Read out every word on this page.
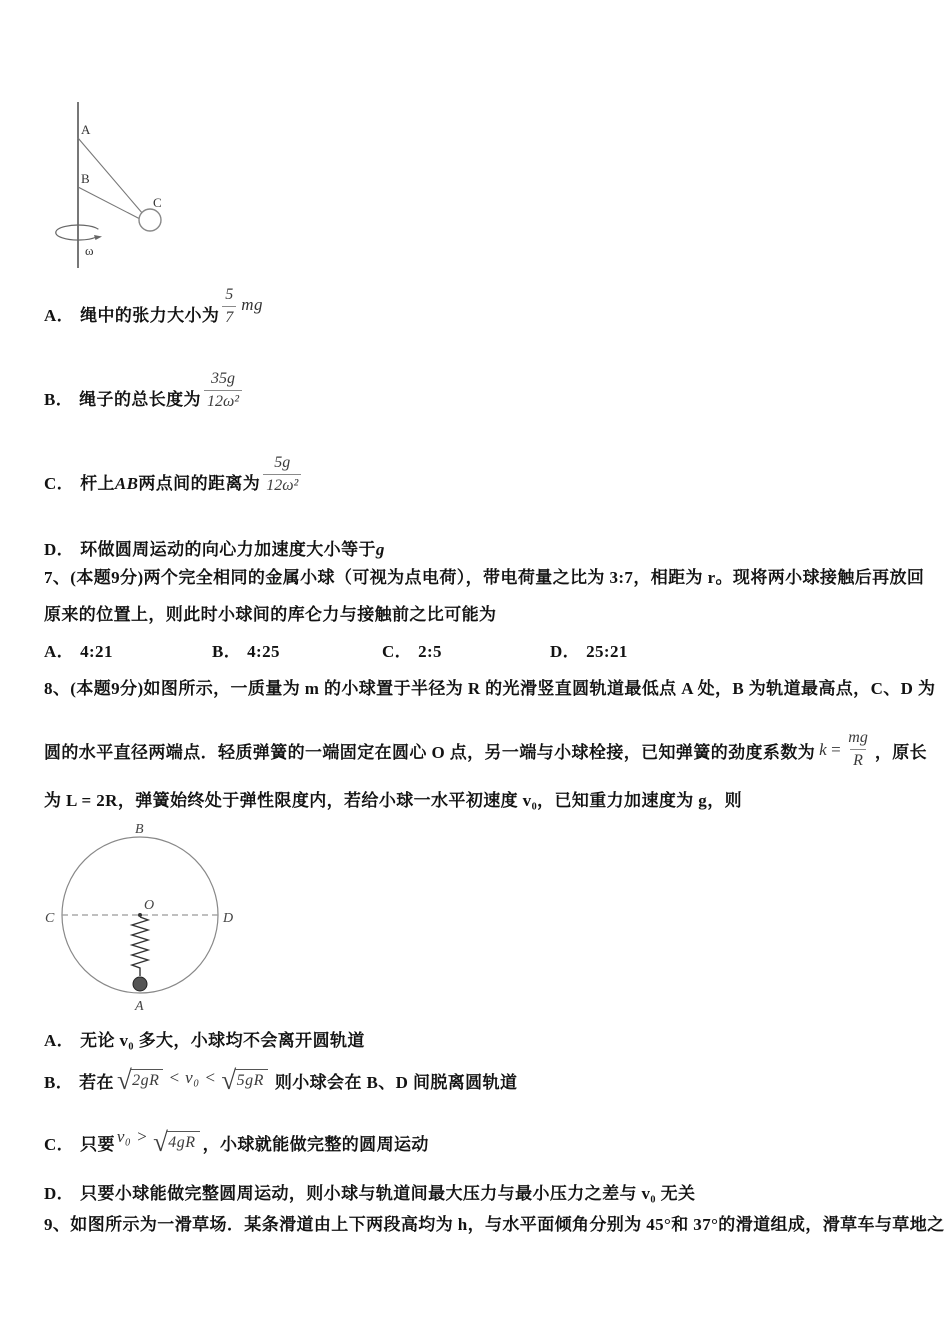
A
B
C
ω
A． 绳中的张力大小为 $\frac{5}{7}$ mg
B． 绳子的总长度为 $\frac{35g}{\text{12ω²}}$
C． 杆上 AB 两点间的距离为 $\frac{5g}{\text{12ω²}}$
D． 环做圆周运动的向心力加速度大小等于g
7、(本题9分)两个完全相同的金属小球（可视为点电荷），带电荷量之比为 3:7，相距为 r。现将两小球接触后再放回
原来的位置上，则此时小球间的库仑力与接触前之比可能为
A． 4:21	B． 4:25	C． 2:5	D． 25:21
8、(本题9分)如图所示，一质量为 m 的小球置于半径为 R 的光滑竖直圆轨道最低点 A 处，B 为轨道最高点，C、D 为
圆的水平直径两端点．轻质弹簧的一端固定在圆心 O 点，另一端与小球栓接，已知弹簧的劲度系数为 $k = \frac{mg}{R}$ ，原长
为 L = 2R，弹簧始终处于弹性限度内，若给小球一水平初速度 v₀，已知重力加速度为 g，则
B
C	D
O
A
A． 无论 v₀ 多大，小球均不会离开圆轨道
B． 若在 √ 2gR < v₀ < √ 5gR 则小球会在 B、D 间脱离圆轨道
C． 只要 v₀ > √ 4gR ，小球就能做完整的圆周运动
D． 只要小球能做完整圆周运动，则小球与轨道间最大压力与最小压力之差与 v₀ 无关
9、如图所示为一滑草场．某条滑道由上下两段高均为 h，与水平面倾角分别为 45°和 37°的滑道组成，滑草车与草地之
